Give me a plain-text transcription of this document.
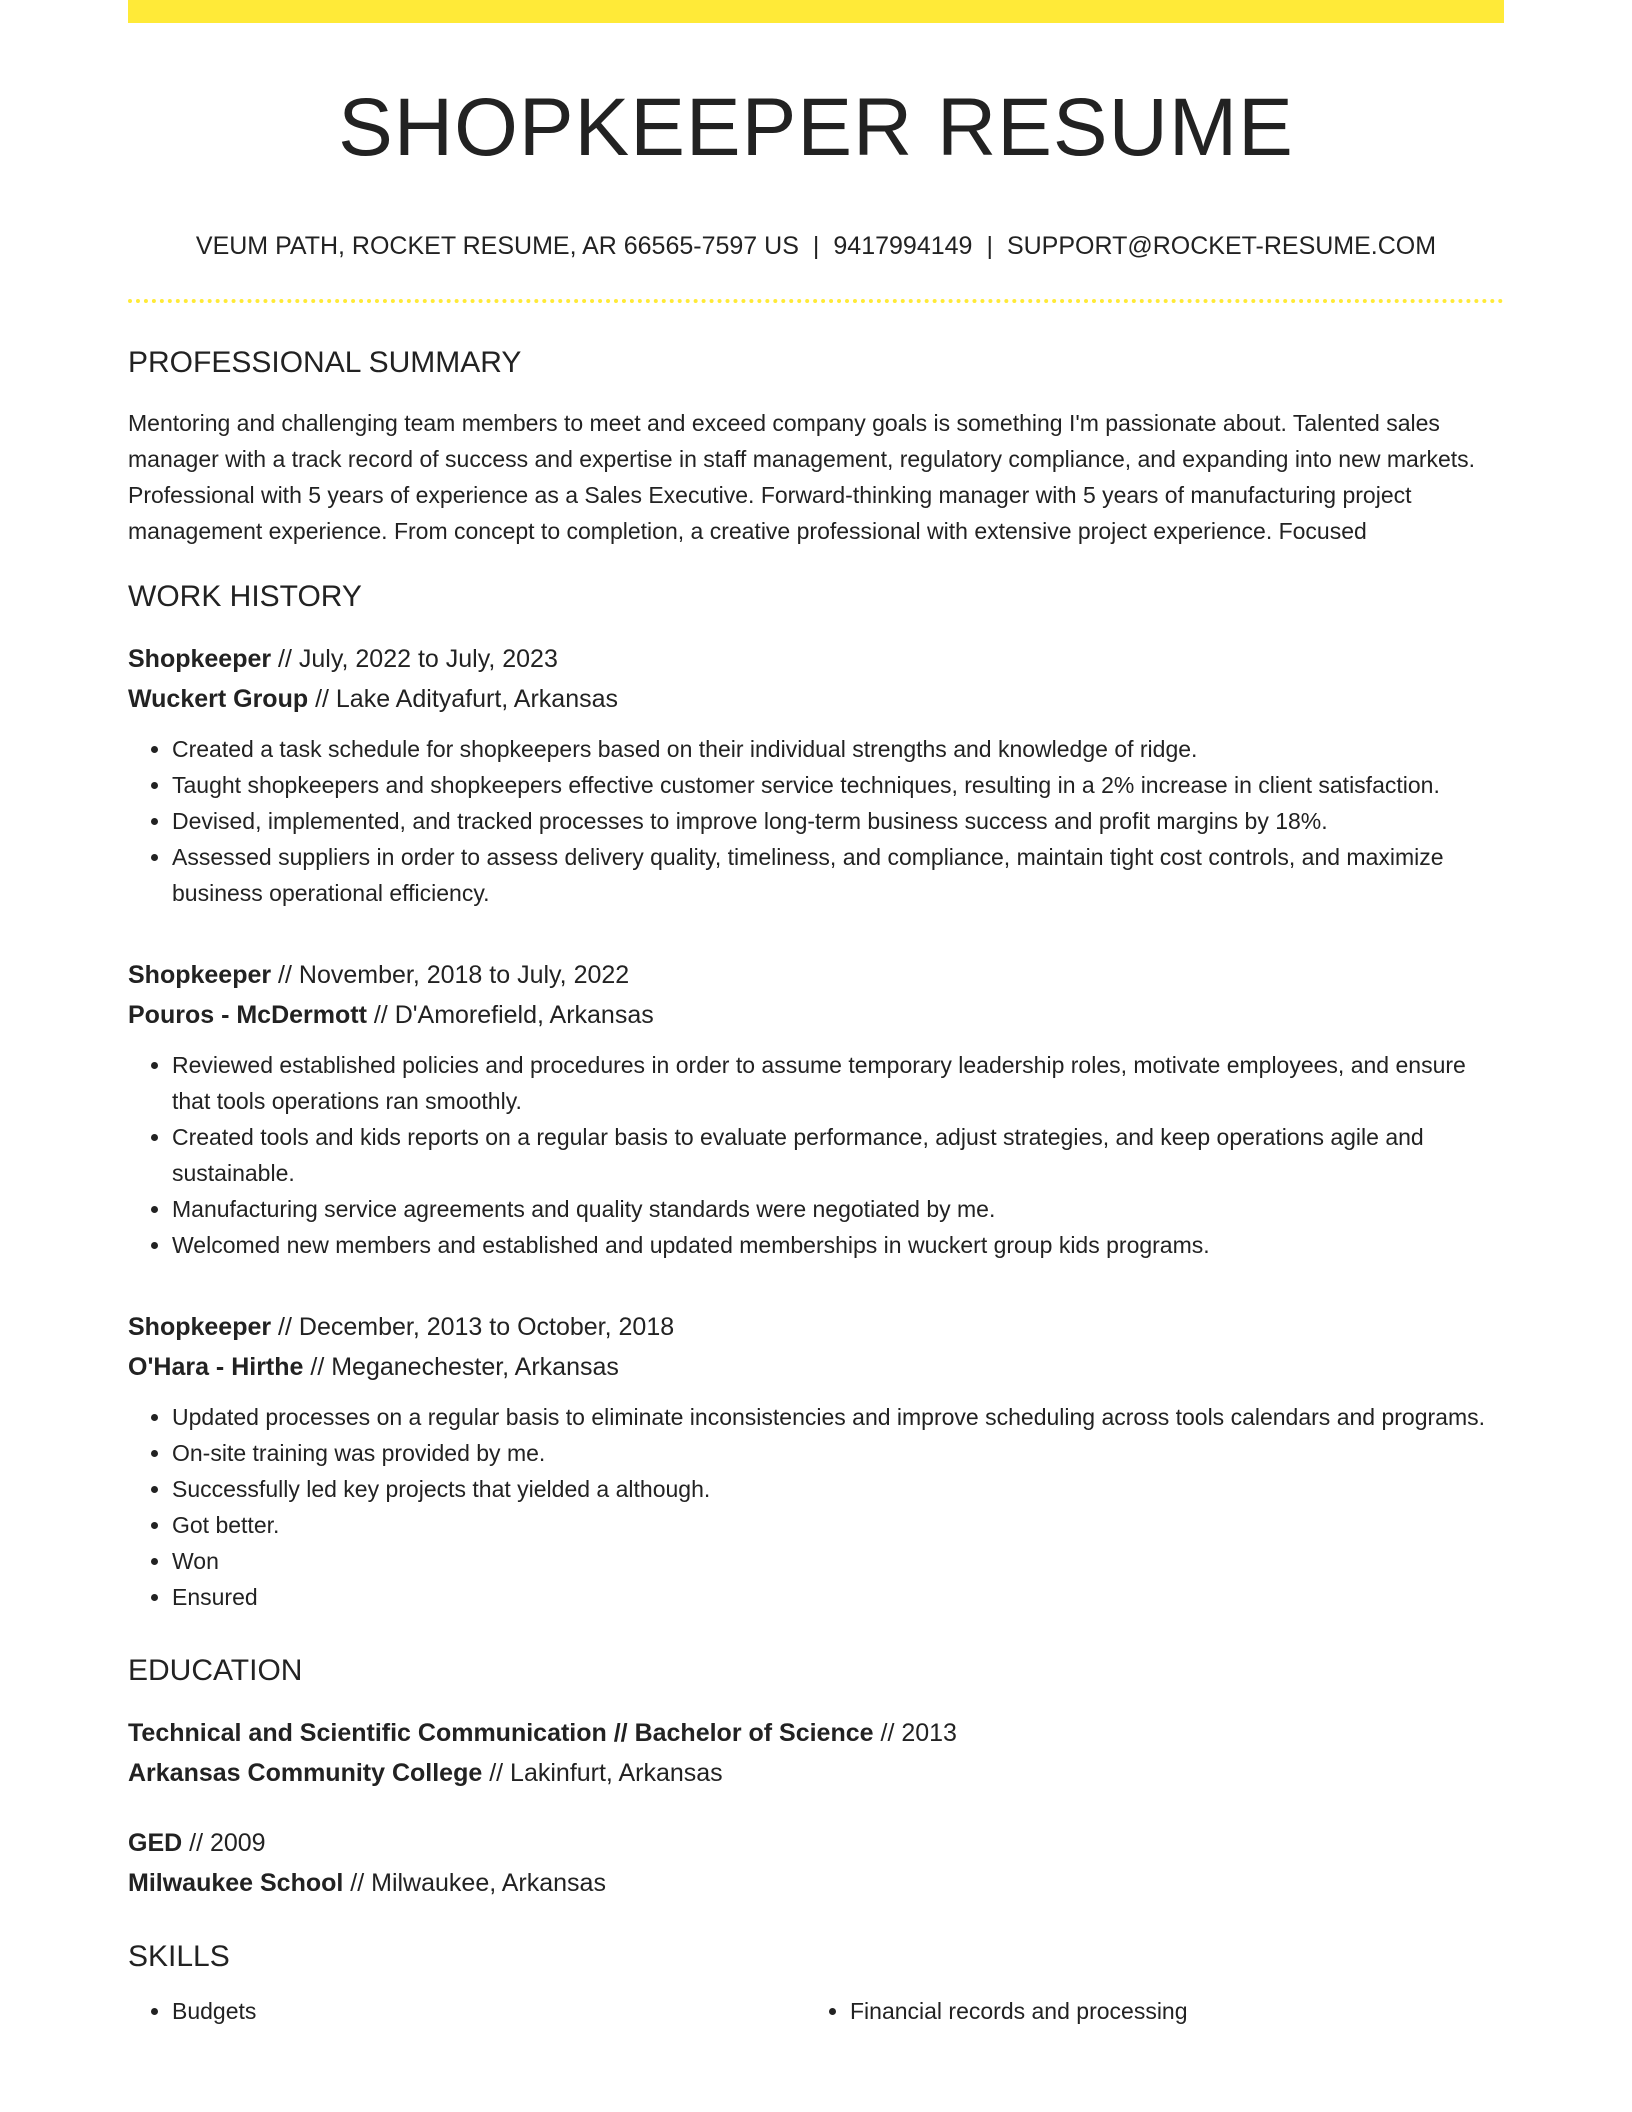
SHOPKEEPER RESUME
VEUM PATH, ROCKET RESUME, AR 66565-7597 US | 9417994149 | SUPPORT@ROCKET-RESUME.COM
PROFESSIONAL SUMMARY
Mentoring and challenging team members to meet and exceed company goals is something I'm passionate about. Talented sales manager with a track record of success and expertise in staff management, regulatory compliance, and expanding into new markets. Professional with 5 years of experience as a Sales Executive. Forward-thinking manager with 5 years of manufacturing project management experience. From concept to completion, a creative professional with extensive project experience. Focused
WORK HISTORY
Shopkeeper // July, 2022 to July, 2023
Wuckert Group // Lake Adityafurt, Arkansas
• Created a task schedule for shopkeepers based on their individual strengths and knowledge of ridge.
• Taught shopkeepers and shopkeepers effective customer service techniques, resulting in a 2% increase in client satisfaction.
• Devised, implemented, and tracked processes to improve long-term business success and profit margins by 18%.
• Assessed suppliers in order to assess delivery quality, timeliness, and compliance, maintain tight cost controls, and maximize business operational efficiency.
Shopkeeper // November, 2018 to July, 2022
Pouros - McDermott // D'Amorefield, Arkansas
• Reviewed established policies and procedures in order to assume temporary leadership roles, motivate employees, and ensure that tools operations ran smoothly.
• Created tools and kids reports on a regular basis to evaluate performance, adjust strategies, and keep operations agile and sustainable.
• Manufacturing service agreements and quality standards were negotiated by me.
• Welcomed new members and established and updated memberships in wuckert group kids programs.
Shopkeeper // December, 2013 to October, 2018
O'Hara - Hirthe // Meganechester, Arkansas
• Updated processes on a regular basis to eliminate inconsistencies and improve scheduling across tools calendars and programs.
• On-site training was provided by me.
• Successfully led key projects that yielded a although.
• Got better.
• Won
• Ensured
EDUCATION
Technical and Scientific Communication // Bachelor of Science // 2013
Arkansas Community College // Lakinfurt, Arkansas
GED // 2009
Milwaukee School // Milwaukee, Arkansas
SKILLS
• Budgets
•	Financial records and processing
